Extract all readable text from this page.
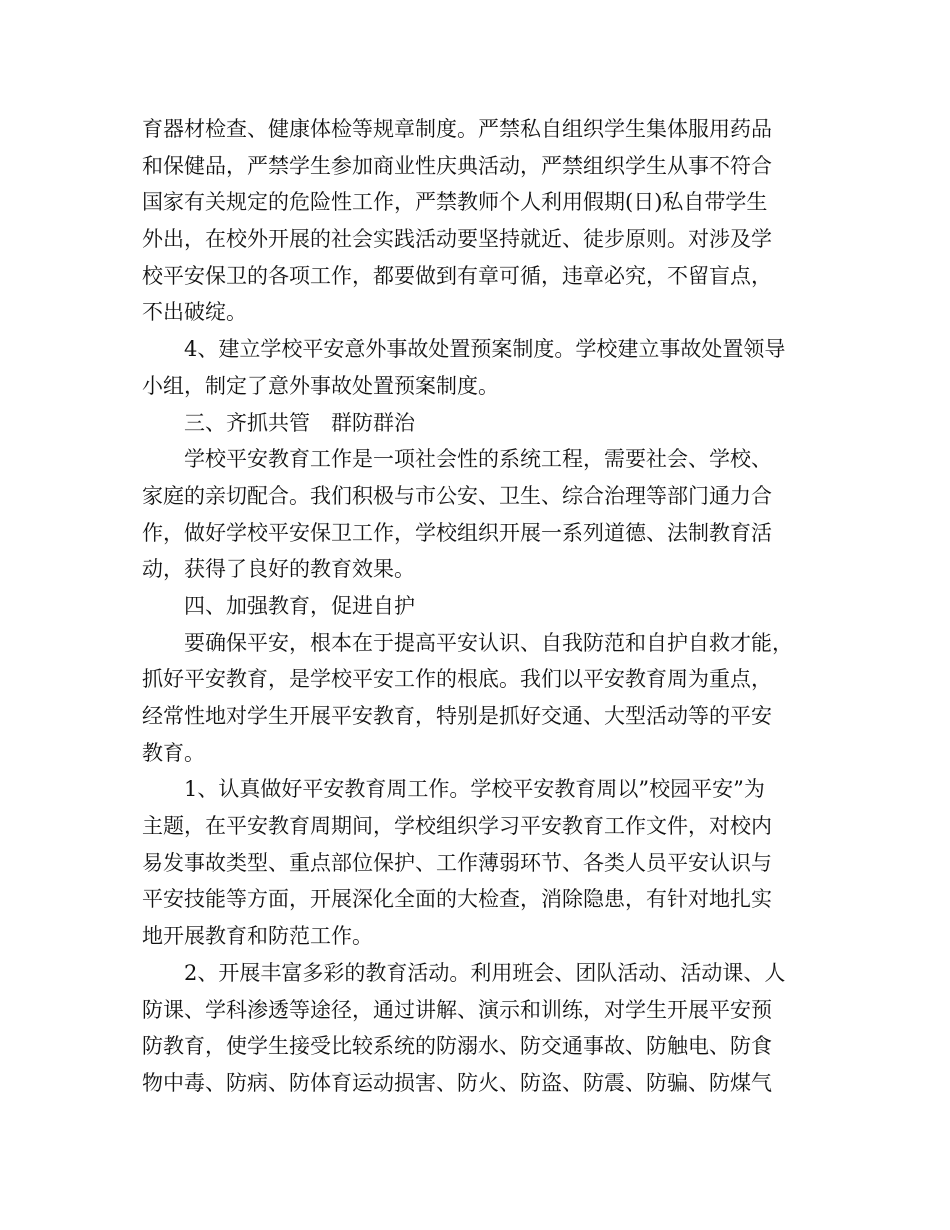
育器材检查、健康体检等规章制度。严禁私自组织学生集体服用药品
和保健品，严禁学生参加商业性庆典活动，严禁组织学生从事不符合
国家有关规定的危险性工作，严禁教师个人利用假期(日)私自带学生
外出，在校外开展的社会实践活动要坚持就近、徒步原则。对涉及学
校平安保卫的各项工作，都要做到有章可循，违章必究，不留盲点，
不出破绽。
4、建立学校平安意外事故处置预案制度。学校建立事故处置领导
小组，制定了意外事故处置预案制度。
三、齐抓共管　群防群治
学校平安教育工作是一项社会性的系统工程，需要社会、学校、
家庭的亲切配合。我们积极与市公安、卫生、综合治理等部门通力合
作，做好学校平安保卫工作，学校组织开展一系列道德、法制教育活
动，获得了良好的教育效果。
四、加强教育，促进自护
要确保平安，根本在于提高平安认识、自我防范和自护自救才能，
抓好平安教育，是学校平安工作的根底。我们以平安教育周为重点，
经常性地对学生开展平安教育，特别是抓好交通、大型活动等的平安
教育。
1、认真做好平安教育周工作。学校平安教育周以”校园平安”为
主题，在平安教育周期间，学校组织学习平安教育工作文件，对校内
易发事故类型、重点部位保护、工作薄弱环节、各类人员平安认识与
平安技能等方面，开展深化全面的大检查，消除隐患，有针对地扎实
地开展教育和防范工作。
2、开展丰富多彩的教育活动。利用班会、团队活动、活动课、人
防课、学科渗透等途径，通过讲解、演示和训练，对学生开展平安预
防教育，使学生接受比较系统的防溺水、防交通事故、防触电、防食
物中毒、防病、防体育运动损害、防火、防盗、防震、防骗、防煤气
